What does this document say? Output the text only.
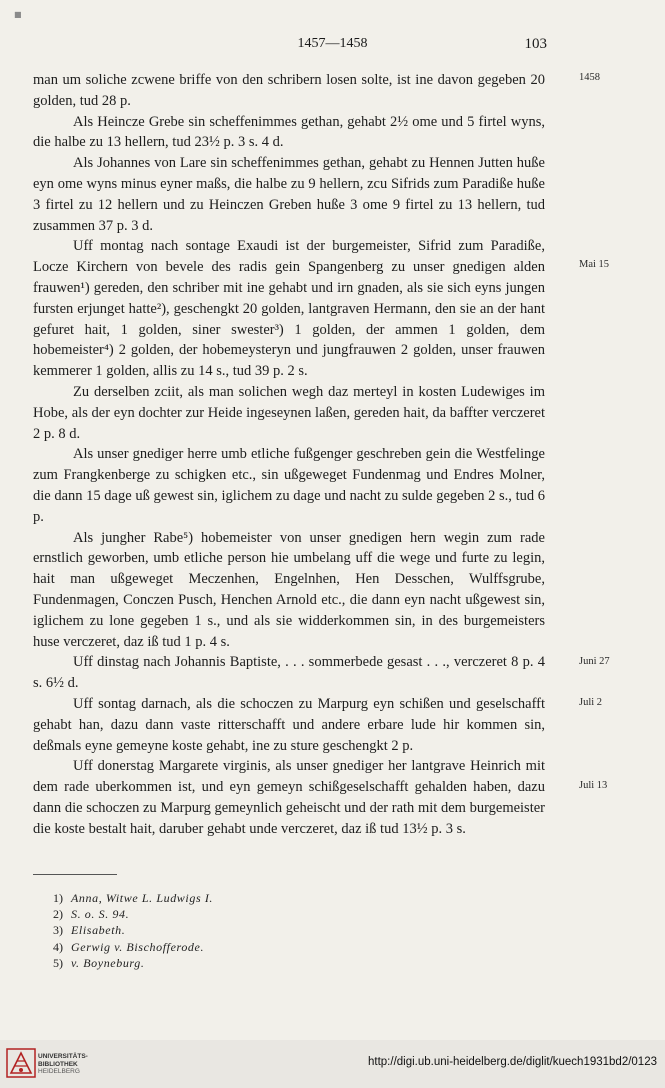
■
1457—1458	103

man um soliche zcwene briffe von den schribern losen solte, ist ine davon gegeben 20 golden, tud 28 p.

Als Heincze Grebe sin scheffenimmes gethan, gehabt 2½ ome und 5 firtel wyns, die halbe zu 13 hellern, tud 23½ p. 3 s. 4 d.

Als Johannes von Lare sin scheffenimmes gethan, gehabt zu Hennen Jutten huße eyn ome wyns minus eyner maßs, die halbe zu 9 hellern, zcu Sifrids zum Paradiße huße 3 firtel zu 12 hellern und zu Heinczen Greben huße 3 ome 9 firtel zu 13 hellern, tud zusammen 37 p. 3 d.

Uff montag nach sontage Exaudi ist der burgemeister, Sifrid zum Paradiße, Locze Kirchern von bevele des radis gein Spangenberg zu unser gnedigen alden frauwen¹) gereden, den schriber mit ine gehabt und irn gnaden, als sie sich eyns jungen fursten erjunget hatte²), geschengkt 20 golden, lantgraven Hermann, den sie an der hant gefuret hait, 1 golden, siner swester³) 1 golden, der ammen 1 golden, dem hobemeister⁴) 2 golden, der hobemeysteryn und jungfrauwen 2 golden, unser frauwen kemmerer 1 golden, allis zu 14 s., tud 39 p. 2 s.

Zu derselben zciit, als man solichen wegh daz merteyl in kosten Ludewiges im Hobe, als der eyn dochter zur Heide ingeseynen laßen, gereden hait, da baffter verczeret 2 p. 8 d.

Als unser gnediger herre umb etliche fußgenger geschreben gein die Westfelinge zum Frangkenberge zu schigken etc., sin ußgeweget Fundenmag und Endres Molner, die dann 15 dage uß gewest sin, iglichem zu dage und nacht zu sulde gegeben 2 s., tud 6 p.

Als jungher Rabe⁵) hobemeister von unser gnedigen hern wegin zum rade ernstlich geworben, umb etliche person hie umbelang uff die wege und furte zu legin, hait man ußgeweget Meczenhen, Engelnhen, Hen Desschen, Wulffsgrube, Fundenmagen, Conczen Pusch, Henchen Arnold etc., die dann eyn nacht ußgewest sin, iglichem zu lone gegeben 1 s., und als sie widderkommen sin, in des burgemeisters huse verczeret, daz iß tud 1 p. 4 s.

Uff dinstag nach Johannis Baptiste, . . . sommerbede gesast . . ., verczeret 8 p. 4 s. 6½ d.

Uff sontag darnach, als die schoczen zu Marpurg eyn schißen und geselschafft gehabt han, dazu dann vaste ritterschafft und andere erbare lude hir kommen sin, deßmals eyne gemeyne koste gehabt, ine zu sture geschengkt 2 p.

Uff donerstag Margarete virginis, als unser gnediger her lantgrave Heinrich mit dem rade uberkommen ist, und eyn gemeyn schißgeselschafft gehalden haben, dazu dann die schoczen zu Marpurg gemeynlich geheischt und der rath mit dem burgemeister die koste bestalt hait, daruber gehabt unde verczeret, daz iß tud 13½ p. 3 s.

1458
Mai 15
Juni 27
Juli 2
Juli 13
1) Anna, Witwe L. Ludwigs I.
2) S. o. S. 94.
3) Elisabeth.
4) Gerwig v. Bischofferode.
5) v. Boyneburg.
UNIVERSITÄTS-
BIBLIOTHEK
HEIDELBERG
http://digi.ub.uni-heidelberg.de/diglit/kuech1931bd2/0123
